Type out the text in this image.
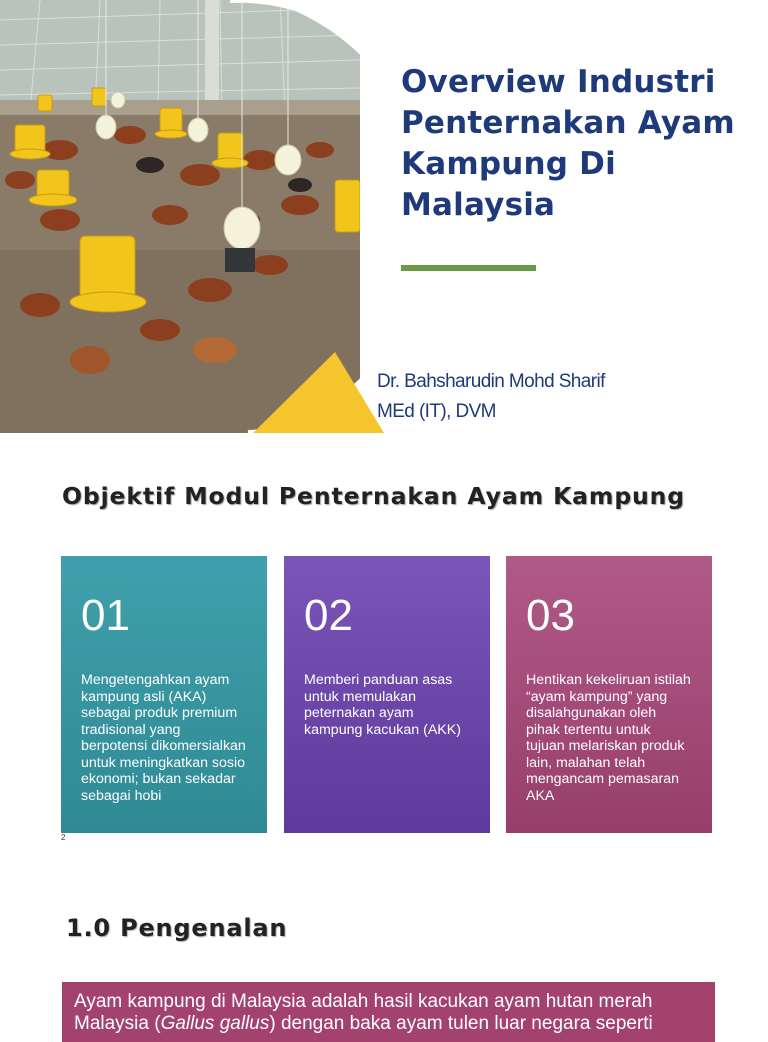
Overview Industri Penternakan Ayam Kampung Di Malaysia
Dr. Bahsharudin Mohd Sharif
MEd (IT), DVM
Objektif Modul Penternakan Ayam Kampung
01
Mengetengahkan ayam kampung asli (AKA) sebagai produk premium tradisional yang berpotensi dikomersialkan untuk meningkatkan sosio ekonomi; bukan sekadar sebagai hobi
02
Memberi panduan asas untuk memulakan peternakan ayam kampung kacukan (AKK)
03
Hentikan kekeliruan istilah “ayam kampung” yang disalahgunakan oleh pihak tertentu untuk tujuan melariskan produk lain, malahan telah mengancam pemasaran AKA
2
1.0 Pengenalan
Ayam kampung di Malaysia adalah hasil kacukan ayam hutan merah
Malaysia (Gallus gallus) dengan baka ayam tulen luar negara seperti
